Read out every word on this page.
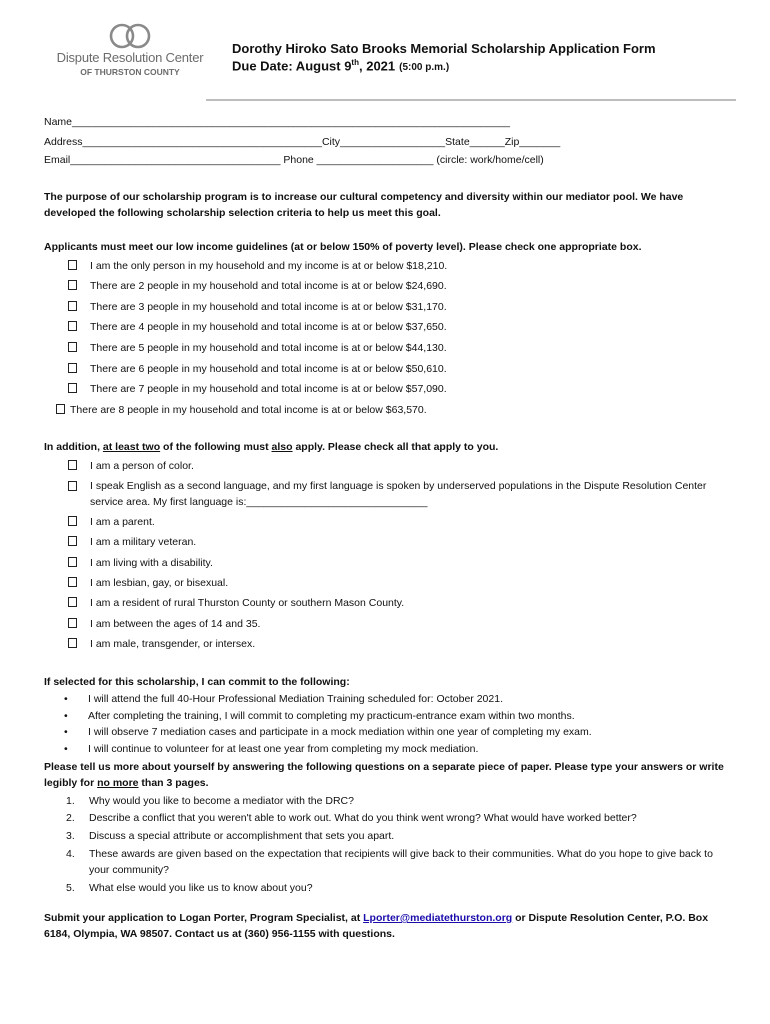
Dispute Resolution Center
OF THURSTON COUNTY
Dorothy Hiroko Sato Brooks Memorial Scholarship Application Form
Due Date: August 9th, 2021 (5:00 p.m.)
Name___________________________________________________________________________
Address_________________________________________City__________________State______Zip_______
Email____________________________________ Phone ____________________ (circle: work/home/cell)
The purpose of our scholarship program is to increase our cultural competency and diversity within our mediator pool. We have developed the following scholarship selection criteria to help us meet this goal.
Applicants must meet our low income guidelines (at or below 150% of poverty level). Please check one appropriate box.
I am the only person in my household and my income is at or below $18,210.
There are 2 people in my household and total income is at or below $24,690.
There are 3 people in my household and total income is at or below $31,170.
There are 4 people in my household and total income is at or below $37,650.
There are 5 people in my household and total income is at or below $44,130.
There are 6 people in my household and total income is at or below $50,610.
There are 7 people in my household and total income is at or below $57,090.
There are 8 people in my household and total income is at or below $63,570.
In addition, at least two of the following must also apply. Please check all that apply to you.
I am a person of color.
I speak English as a second language, and my first language is spoken by underserved populations in the Dispute Resolution Center service area. My first language is:_______________________________
I am a parent.
I am a military veteran.
I am living with a disability.
I am lesbian, gay, or bisexual.
I am a resident of rural Thurston County or southern Mason County.
I am between the ages of 14 and 35.
I am male, transgender, or intersex.
If selected for this scholarship, I can commit to the following:
• I will attend the full 40-Hour Professional Mediation Training scheduled for: October 2021.
• After completing the training, I will commit to completing my practicum-entrance exam within two months.
• I will observe 7 mediation cases and participate in a mock mediation within one year of completing my exam.
• I will continue to volunteer for at least one year from completing my mock mediation.
Please tell us more about yourself by answering the following questions on a separate piece of paper. Please type your answers or write legibly for no more than 3 pages.
1.	Why would you like to become a mediator with the DRC?
2.	Describe a conflict that you weren't able to work out. What do you think went wrong? What would have worked better?
3.	Discuss a special attribute or accomplishment that sets you apart.
4.	These awards are given based on the expectation that recipients will give back to their communities. What do you hope to give back to your community?
5.	What else would you like us to know about you?
Submit your application to Logan Porter, Program Specialist, at Lporter@mediatethurston.org or Dispute Resolution Center, P.O. Box 6184, Olympia, WA 98507. Contact us at (360) 956-1155 with questions.
